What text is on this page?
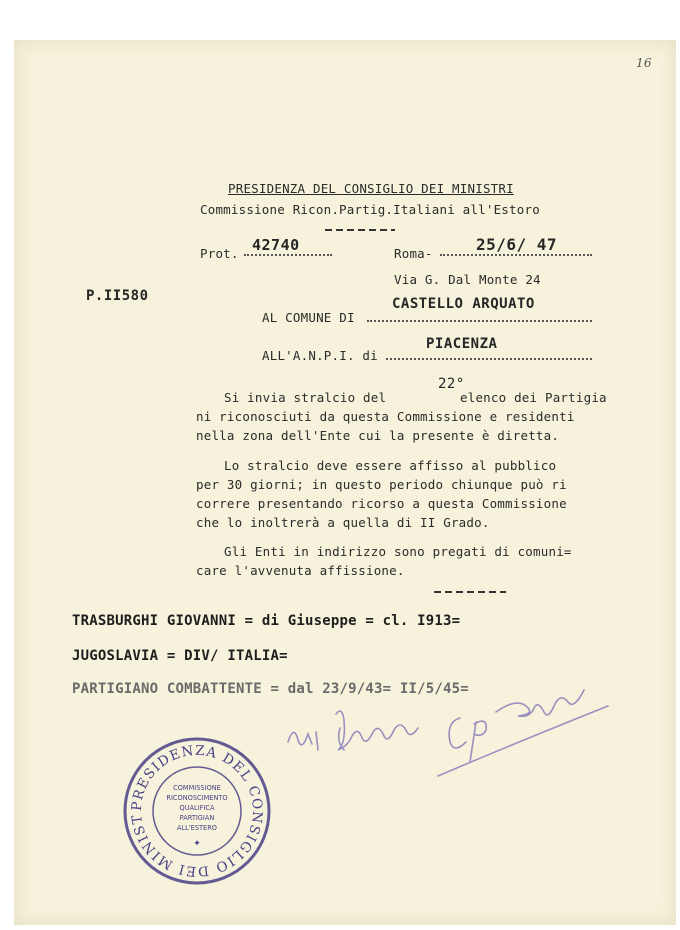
16
PRESIDENZA DEL CONSIGLIO DEI MINISTRI
Commissione Ricon.Partig.Italiani all'Estoro
Prot. 42740	Roma-	25/6/ 47
Via G. Dal Monte 24
P.II580
AL COMUNE DI
CASTELLO ARQUATO
ALL'A.N.P.I. di
PIACENZA
Si invia stralcio del
22°
elenco dei Partigia
ni riconosciuti da questa Commissione e residenti
nella zona dell'Ente cui la presente è diretta.
Lo stralcio deve essere affisso al pubblico
per 30 giorni; in questo periodo chiunque può ri
correre presentando ricorso a questa Commissione
che lo inoltrerà a quella di II Grado.
Gli Enti in indirizzo sono pregati di comuni=
care l'avvenuta affissione.
TRASBURGHI GIOVANNI = di Giuseppe = cl. I913=
JUGOSLAVIA = DIV/ ITALIA=
PARTIGIANO COMBATTENTE = dal 23/9/43= II/5/45=
PRESIDENZA DEL CONSIGLIO DEI MINIST
COMMISSIONE
RICONOSCIMENTO
QUALIFICA
PARTIGIAN
ALL'ESTERO
✦
